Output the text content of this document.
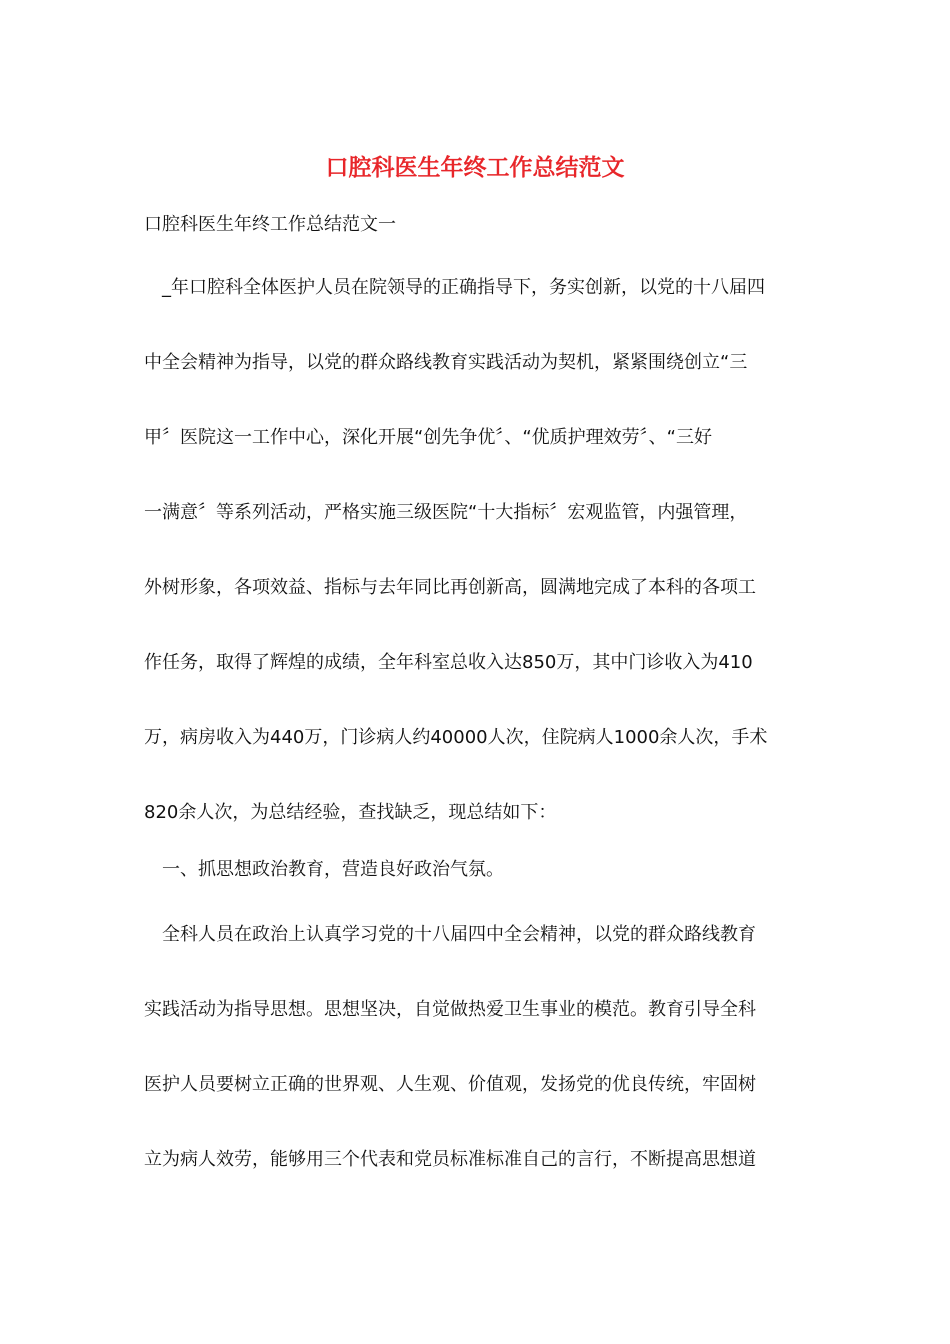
口腔科医生年终工作总结范文

口腔科医生年终工作总结范文一

_年口腔科全体医护人员在院领导的正确指导下，务实创新，以党的十八届四
中全会精神为指导，以党的群众路线教育实践活动为契机，紧紧围绕创立“三
甲〞医院这一工作中心，深化开展“创先争优〞、“优质护理效劳〞、“三好
一满意〞等系列活动，严格实施三级医院“十大指标〞宏观监管，内强管理，
外树形象，各项效益、指标与去年同比再创新高，圆满地完成了本科的各项工
作任务，取得了辉煌的成绩，全年科室总收入达850万，其中门诊收入为410
万，病房收入为440万，门诊病人约40000人次，住院病人1000余人次，手术
820余人次，为总结经验，查找缺乏，现总结如下：

一、抓思想政治教育，营造良好政治气氛。

全科人员在政治上认真学习党的十八届四中全会精神，以党的群众路线教育
实践活动为指导思想。思想坚决，自觉做热爱卫生事业的模范。教育引导全科
医护人员要树立正确的世界观、人生观、价值观，发扬党的优良传统，牢固树
立为病人效劳，能够用三个代表和党员标准标准自己的言行，不断提高思想道
